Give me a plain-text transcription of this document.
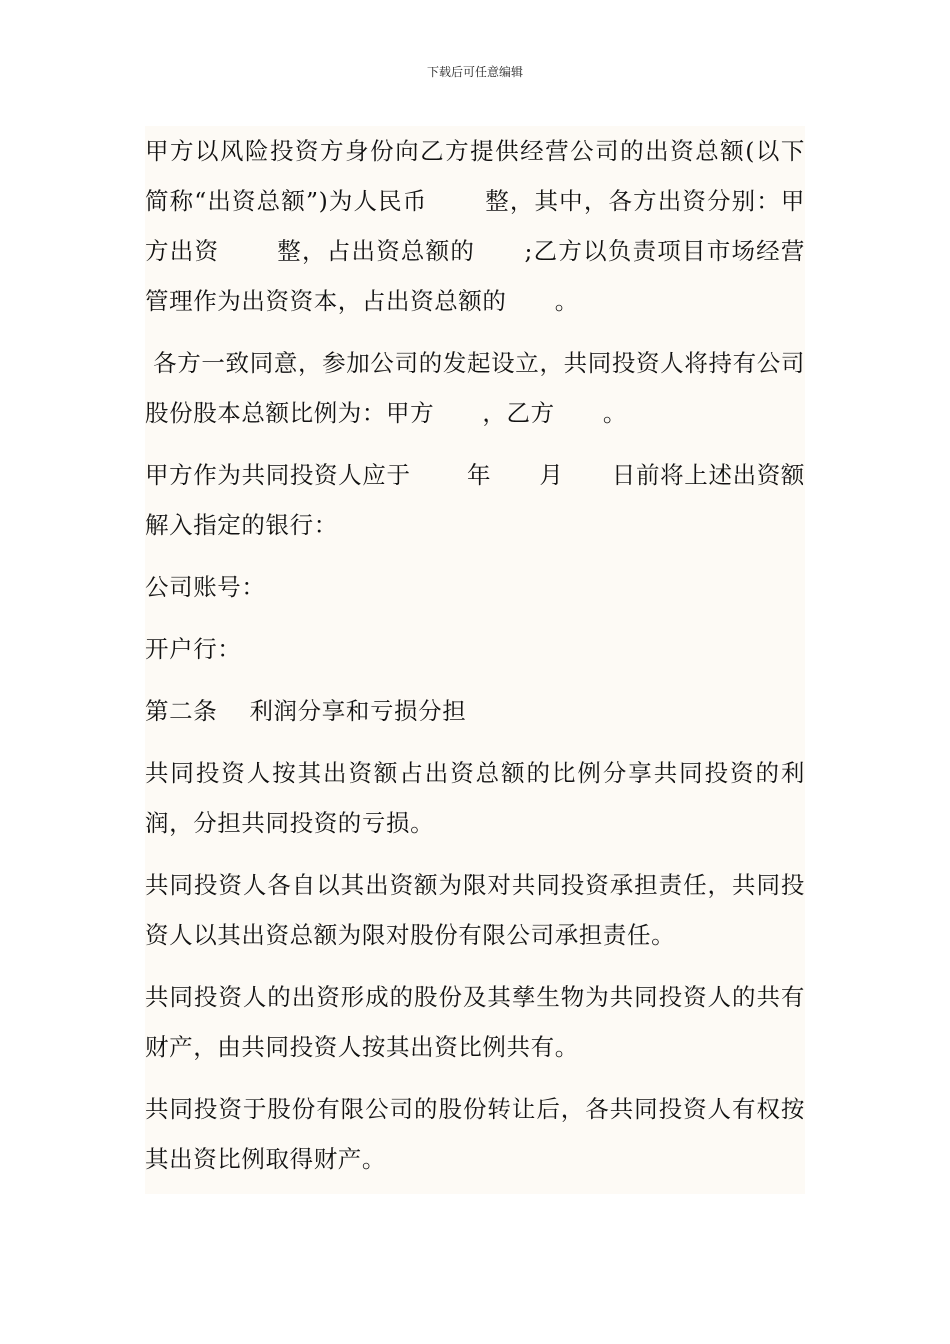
下载后可任意编辑

甲方以风险投资方身份向乙方提供经营公司的出资总额(以下简称“出资总额”)为人民币　　 整，其中，各方出资分别：甲方出资　　 整，占出资总额的　　;乙方以负责项目市场经营管理作为出资资本，占出资总额的　　。

各方一致同意，参加公司的发起设立，共同投资人将持有公司股份股本总额比例为：甲方　　，乙方　　。

甲方作为共同投资人应于　　 年　　月　　日前将上述出资额解入指定的银行：

公司账号：

开户行：

第二条  利润分享和亏损分担

共同投资人按其出资额占出资总额的比例分享共同投资的利润，分担共同投资的亏损。

共同投资人各自以其出资额为限对共同投资承担责任，共同投资人以其出资总额为限对股份有限公司承担责任。

共同投资人的出资形成的股份及其孳生物为共同投资人的共有财产，由共同投资人按其出资比例共有。

共同投资于股份有限公司的股份转让后，各共同投资人有权按其出资比例取得财产。
